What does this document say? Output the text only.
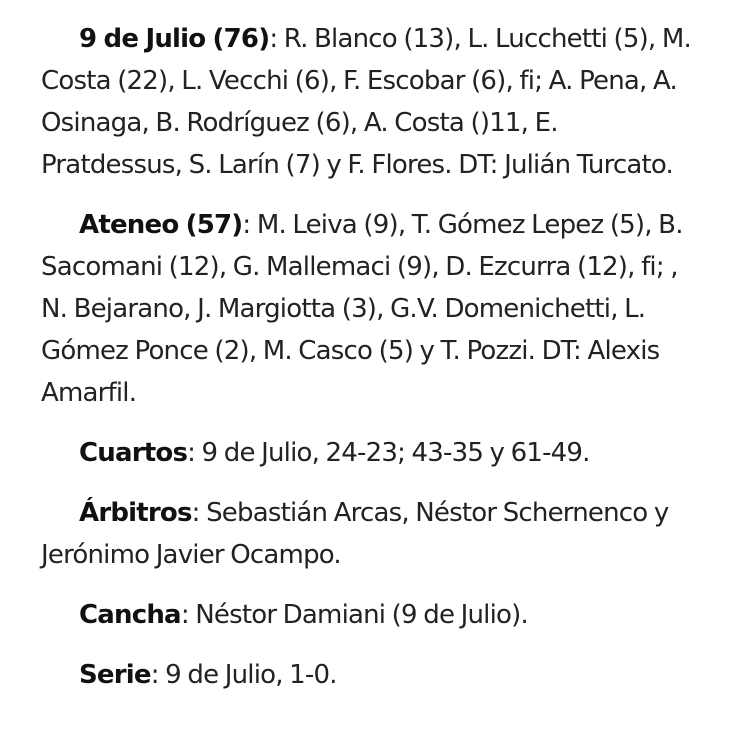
9 de Julio (76): R. Blanco (13), L. Lucchetti (5), M. Costa (22), L. Vecchi (6), F. Escobar (6), fi; A. Pena, A. Osinaga, B. Rodríguez (6), A. Costa ()11, E. Pratdessus, S. Larín (7) y F. Flores. DT: Julián Turcato.

Ateneo (57): M. Leiva (9), T. Gómez Lepez (5), B. Sacomani (12), G. Mallemaci (9), D. Ezcurra (12), fi; , N. Bejarano, J. Margiotta (3), G.V. Domenichetti, L. Gómez Ponce (2), M. Casco (5) y T. Pozzi. DT: Alexis Amarfil.

Cuartos: 9 de Julio, 24-23; 43-35 y 61-49.

Árbitros: Sebastián Arcas, Néstor Schernenco y Jerónimo Javier Ocampo.

Cancha: Néstor Damiani (9 de Julio).

Serie: 9 de Julio, 1-0.
